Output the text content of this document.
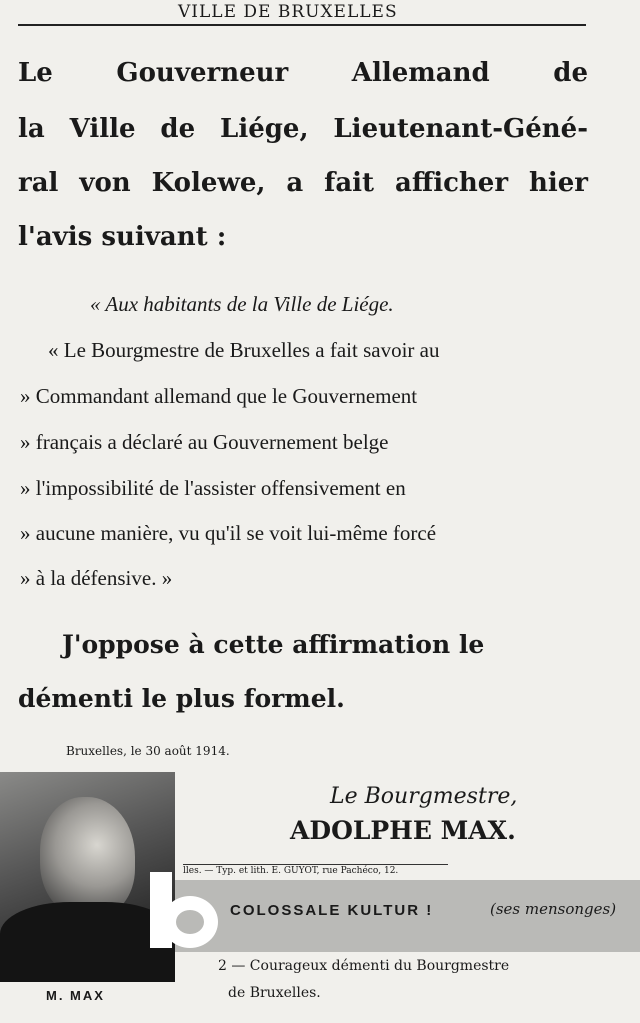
VILLE DE BRUXELLES
Le Gouverneur Allemand de
la Ville de Liége, Lieutenant-Géné-
ral von Kolewe, a fait afficher hier
l'avis suivant :
« Aux habitants de la Ville de Liége.
« Le Bourgmestre de Bruxelles a fait savoir au
» Commandant allemand que le Gouvernement
» français a déclaré au Gouvernement belge
» l'impossibilité de l'assister offensivement en
» aucune manière, vu qu'il se voit lui-même forcé
» à la défensive. »
J'oppose à cette affirmation le
démenti le plus formel.
Bruxelles, le 30 août 1914.
Le Bourgmestre,
ADOLPHE MAX.
M. MAX
lles. — Typ. et lith. E. GUYOT, rue Pachéco, 12.
COLOSSALE KULTUR !	(ses mensonges)
2 — Courageux démenti du Bourgmestre
de Bruxelles.
